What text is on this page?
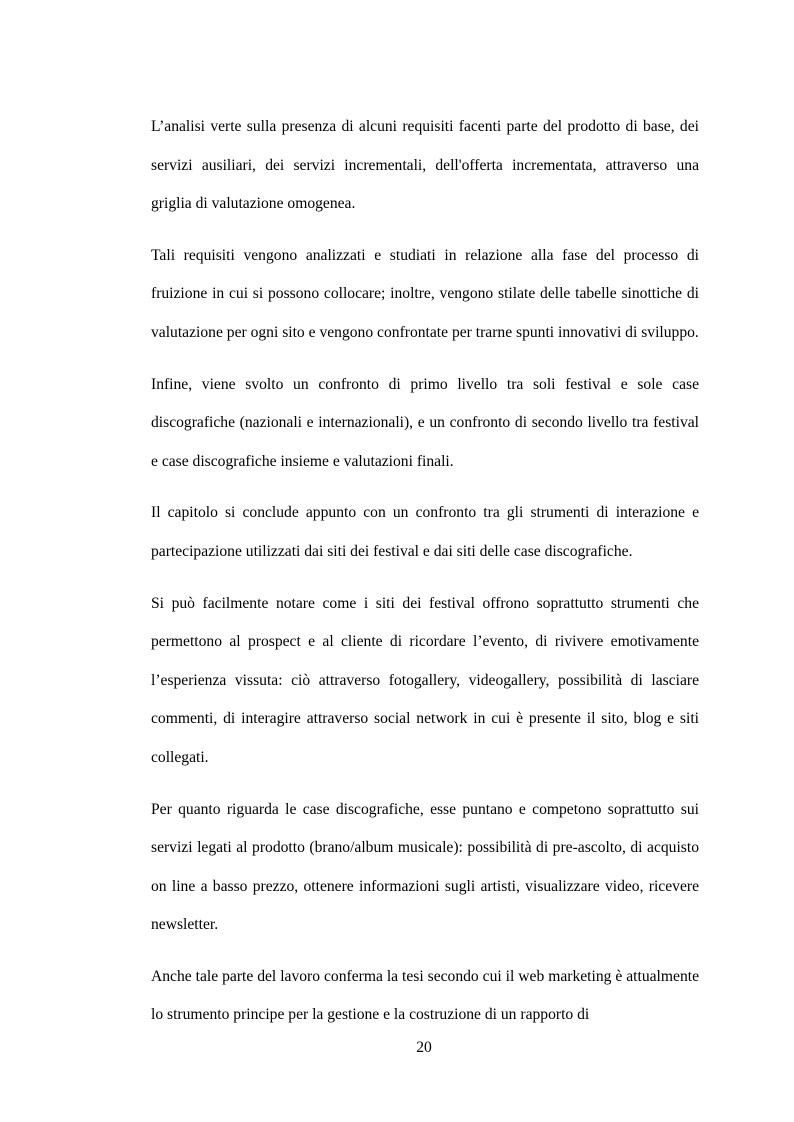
L’analisi verte sulla presenza di alcuni requisiti facenti parte del prodotto di base, dei servizi ausiliari, dei servizi incrementali, dell'offerta incrementata, attraverso una griglia di valutazione omogenea.

Tali requisiti vengono analizzati e studiati in relazione alla fase del processo di fruizione in cui si possono collocare; inoltre, vengono stilate delle tabelle sinottiche di valutazione per ogni sito e vengono confrontate per trarne spunti innovativi di sviluppo.

Infine, viene svolto un confronto di primo livello tra soli festival e sole case discografiche (nazionali e internazionali), e un confronto di secondo livello tra festival e case discografiche insieme e valutazioni finali.

Il capitolo si conclude appunto con un confronto tra gli strumenti di interazione e partecipazione utilizzati dai siti dei festival e dai siti delle case discografiche.

Si può facilmente notare come i siti dei festival offrono soprattutto strumenti che permettono al prospect e al cliente di ricordare l’evento, di rivivere emotivamente l’esperienza vissuta: ciò attraverso fotogallery, videogallery, possibilità di lasciare commenti, di interagire attraverso social network in cui è presente il sito, blog e siti collegati.

Per quanto riguarda le case discografiche, esse puntano e competono soprattutto sui servizi legati al prodotto (brano/album musicale): possibilità di pre-ascolto, di acquisto on line a basso prezzo, ottenere informazioni sugli artisti, visualizzare video, ricevere newsletter.

Anche tale parte del lavoro conferma la tesi secondo cui il web marketing è attualmente lo strumento principe per la gestione e la costruzione di un rapporto di

20
